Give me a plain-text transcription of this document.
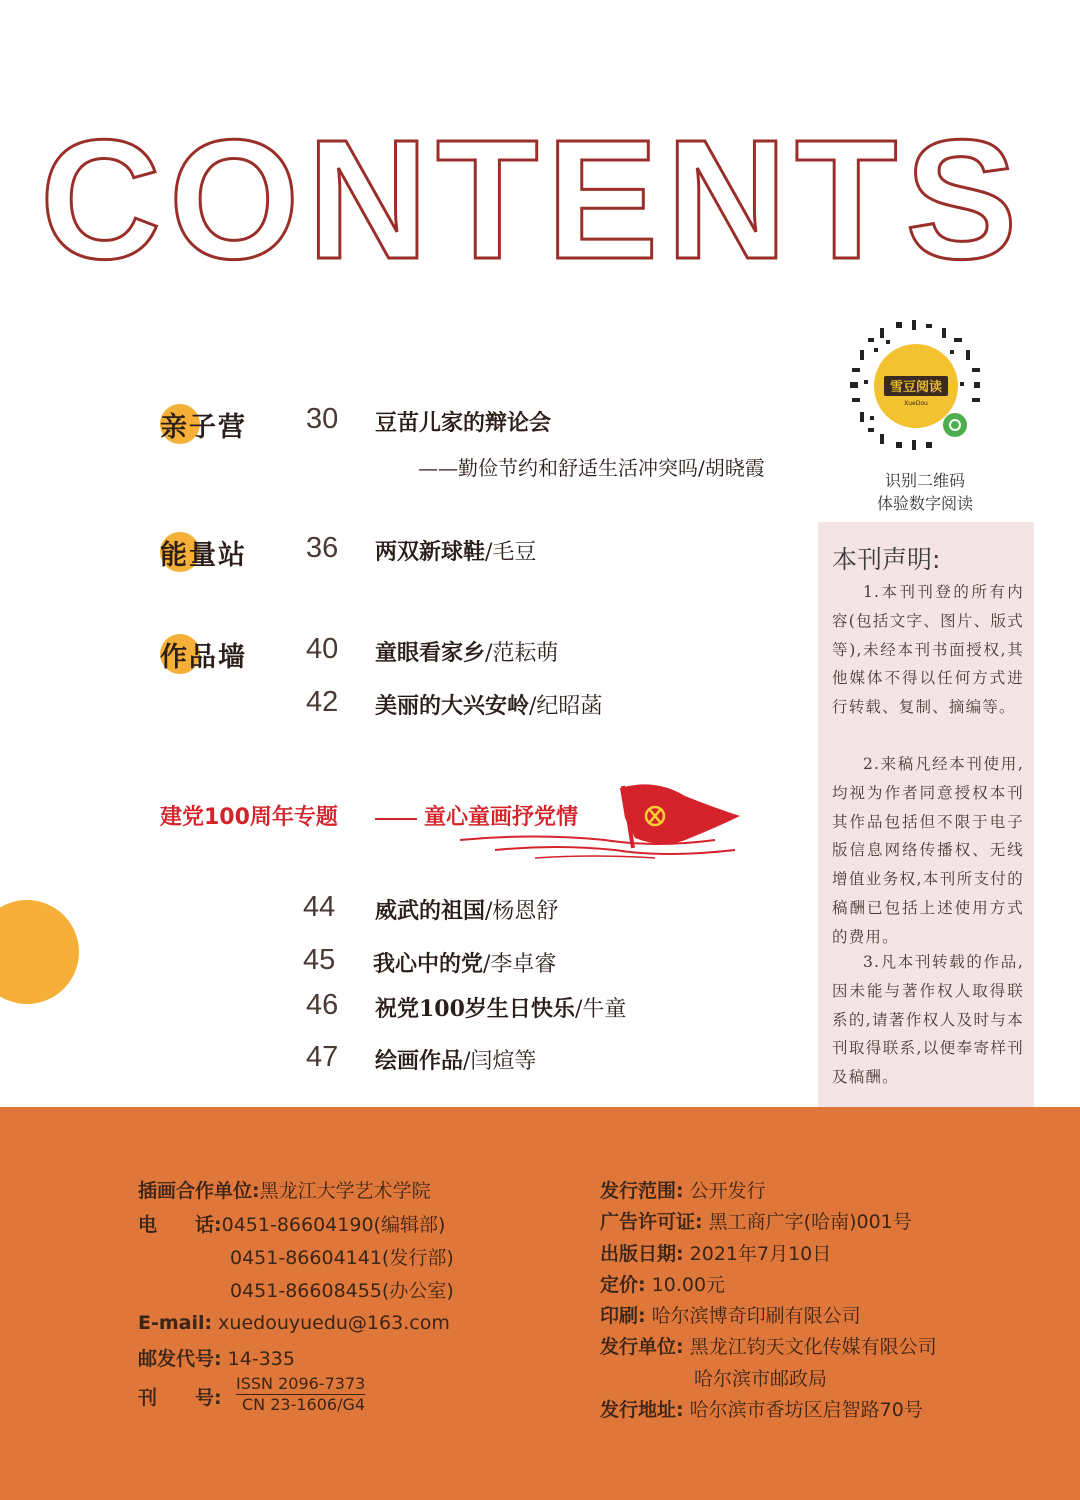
CONTENTS
雪豆阅读
XueDou
识别二维码
体验数字阅读
亲子营 30 豆苗儿家的辩论会
——勤俭节约和舒适生活冲突吗/胡晓霞
能量站 36 两双新球鞋/毛豆
作品墙 40 童眼看家乡/范耘萌
42 美丽的大兴安岭/纪昭菡
建党100周年专题	童心童画抒党情
44 威武的祖国/杨恩舒
45 我心中的党/李卓睿
46 祝党100岁生日快乐/牛童
47 绘画作品/闫煊等
本刊声明:
1.本刊刊登的所有内容(包括文字、图片、版式等),未经本刊书面授权,其他媒体不得以任何方式进行转载、复制、摘编等。
2.来稿凡经本刊使用,均视为作者同意授权本刊其作品包括但不限于电子版信息网络传播权、无线增值业务权,本刊所支付的稿酬已包括上述使用方式的费用。
3.凡本刊转载的作品,因未能与著作权人取得联系的,请著作权人及时与本刊取得联系,以便奉寄样刊及稿酬。
插画合作单位:黑龙江大学艺术学院
电　　话:0451-86604190(编辑部)
0451-86604141(发行部)
0451-86608455(办公室)
E-mail: xuedouyuedu@163.com
邮发代号: 14-335
刊　　号:
ISSN 2096-7373
CN 23-1606/G4
发行范围: 公开发行
广告许可证: 黑工商广字(哈南)001号
出版日期: 2021年7月10日
定价: 10.00元
印刷: 哈尔滨博奇印刷有限公司
发行单位: 黑龙江钧天文化传媒有限公司
哈尔滨市邮政局
发行地址: 哈尔滨市香坊区启智路70号
